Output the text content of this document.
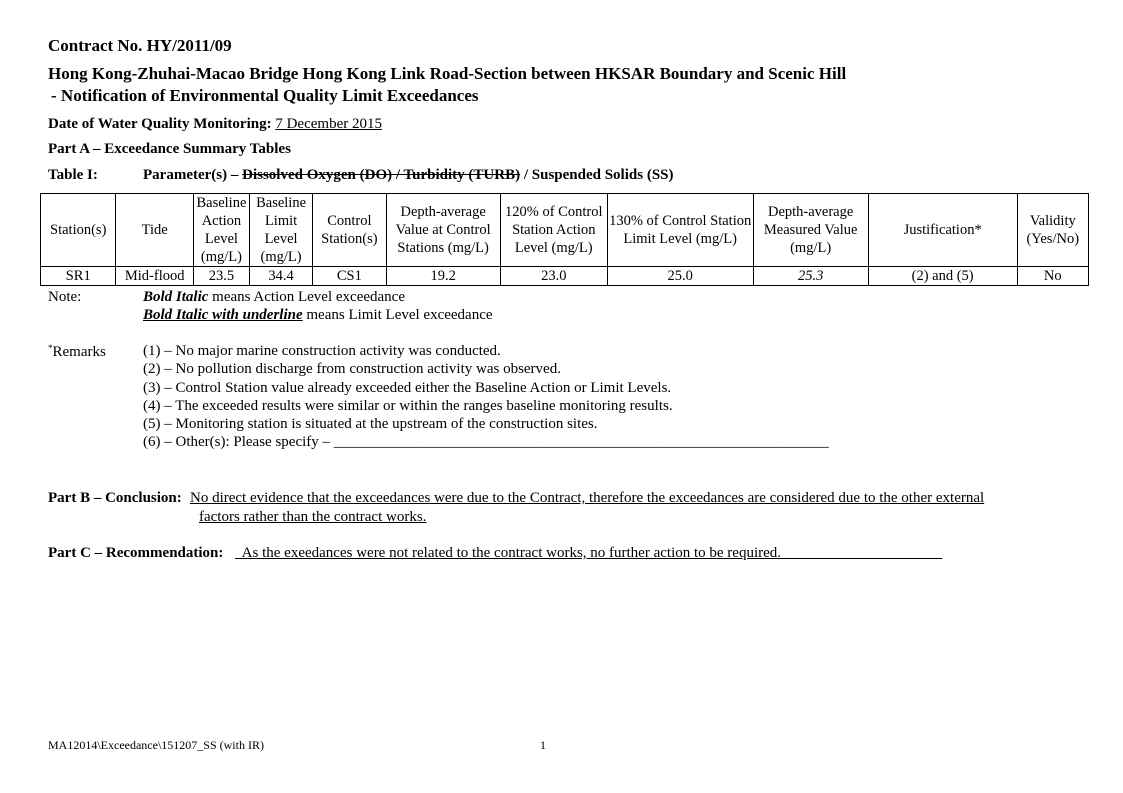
Contract No. HY/2011/09
Hong Kong-Zhuhai-Macao Bridge Hong Kong Link Road-Section between HKSAR Boundary and Scenic Hill
- Notification of Environmental Quality Limit Exceedances
Date of Water Quality Monitoring: 7 December 2015
Part A – Exceedance Summary Tables
Table I:	Parameter(s) – Dissolved Oxygen (DO) / Turbidity (TURB) / Suspended Solids (SS)
Station(s)	Tide	Baseline Action Level (mg/L)	Baseline Limit Level (mg/L)	Control Station(s)	Depth-average Value at Control Stations (mg/L)	120% of Control Station Action Level (mg/L)	130% of Control Station Limit Level (mg/L)	Depth-average Measured Value (mg/L)	Justification*	Validity (Yes/No)
SR1	Mid-flood	23.5	34.4	CS1	19.2	23.0	25.0	25.3	(2) and (5)	No
Note:	Bold Italic means Action Level exceedance
Bold Italic with underline means Limit Level exceedance
*Remarks (1) – No major marine construction activity was conducted.
(2) – No pollution discharge from construction activity was observed.
(3) – Control Station value already exceeded either the Baseline Action or Limit Levels.
(4) – The exceeded results were similar or within the ranges baseline monitoring results.
(5) – Monitoring station is situated at the upstream of the construction sites.
(6) – Other(s): Please specify – __________________________________________________________________
Part B – Conclusion: No direct evidence that the exceedances were due to the Contract, therefore the exceedances are considered due to the other external
factors rather than the contract works.
Part C – Recommendation: As the exeedances were not related to the contract works, no further action to be required.
MA12014\Exceedance\151207_SS (with IR)	1
